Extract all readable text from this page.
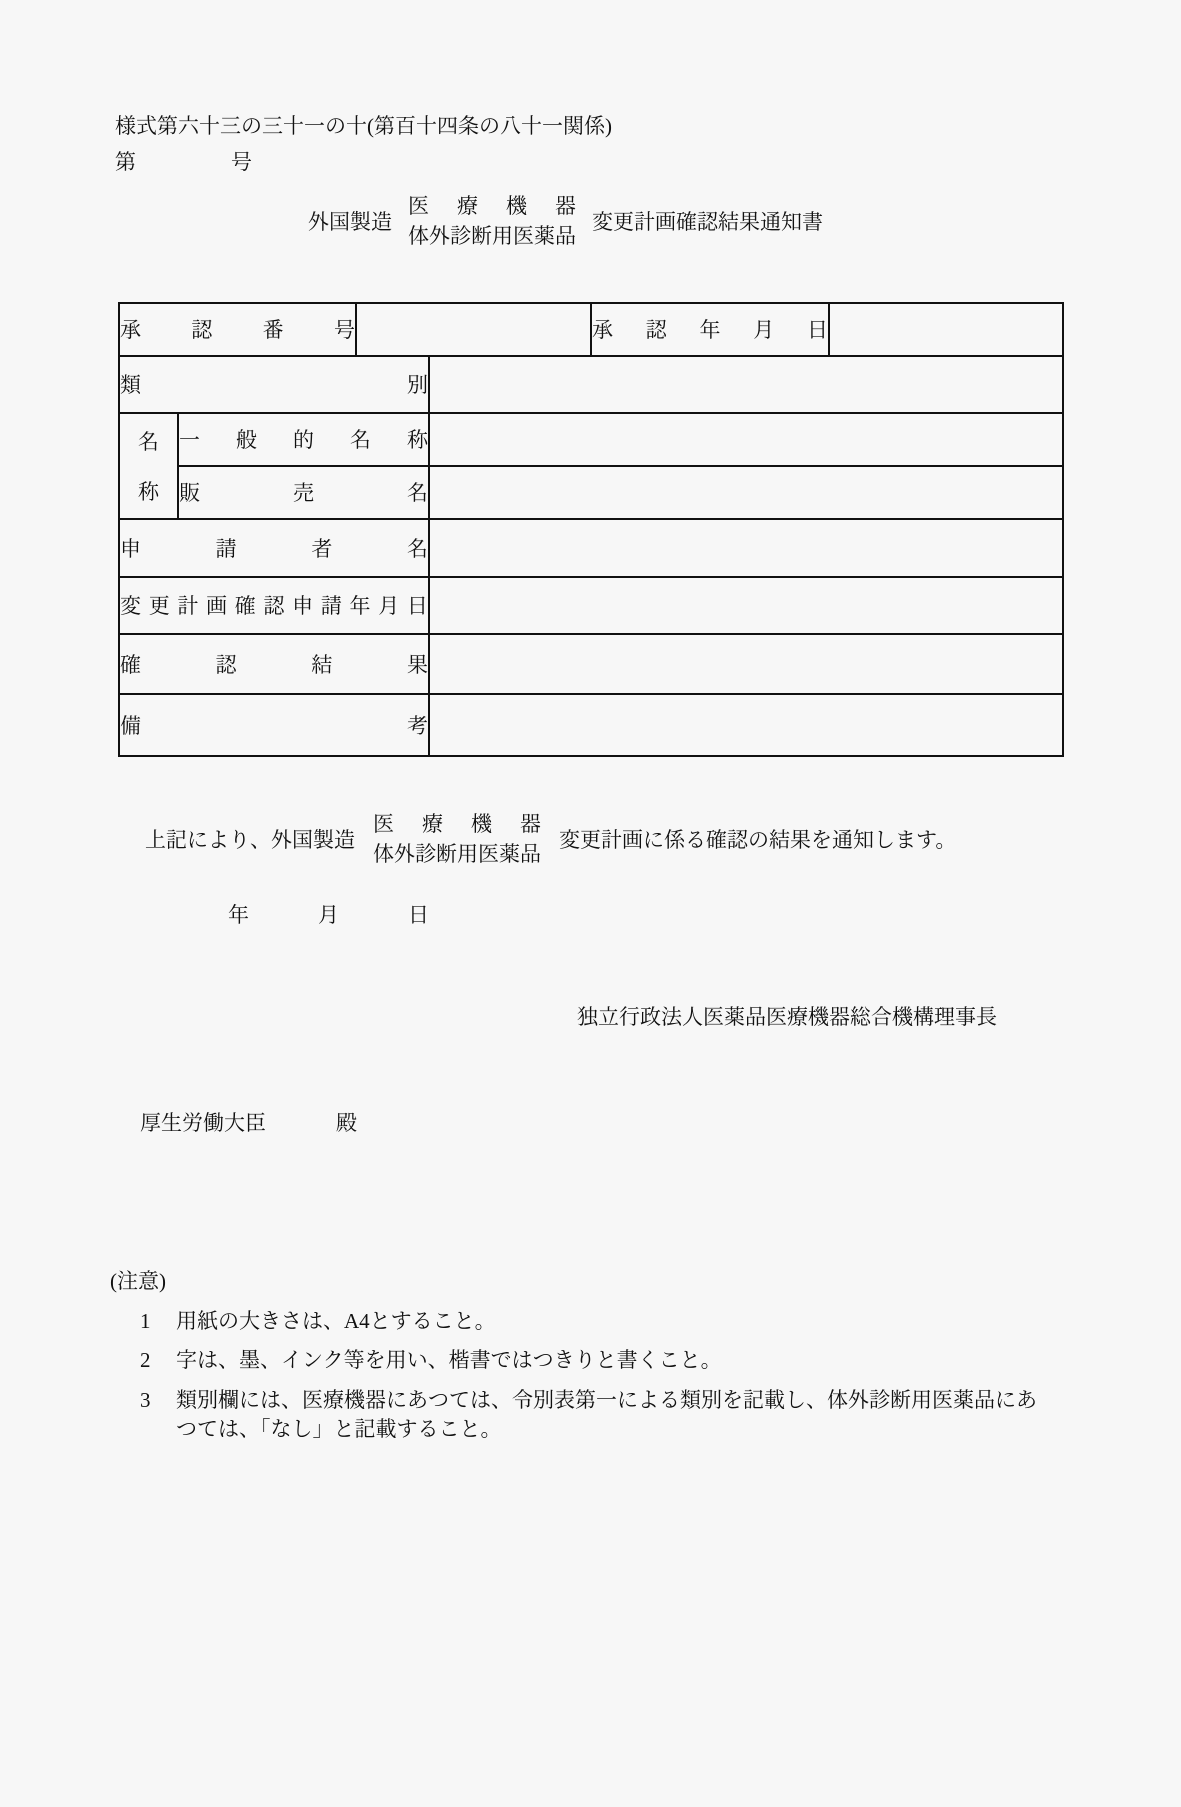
様式第六十三の三十一の十(第百十四条の八十一関係)
第	号
外国製造
医 療 機 器
体外診断用医薬品
変更計画確認結果通知書
承 認 番 号				承 認 年 月 日	

類 別					

名
称	一 般 的 名 称				

	販 売 名				

申 請 者 名					

変 更 計 画 確 認 申 請 年 月 日

確 認 結 果					

備 考					

上記により、外国製造
医 療 機 器
体外診断用医薬品
変更計画に係る確認の結果を通知します。
年	月	日
独立行政法人医薬品医療機器総合機構理事長
厚生労働大臣	殿
(注意)
1	用紙の大きさは、A4とすること。
2	字は、墨、インク等を用い、楷書ではつきりと書くこと。
3	類別欄には、医療機器にあつては、令別表第一による類別を記載し、体外診断用医薬品にあつては、「なし」と記載すること。
